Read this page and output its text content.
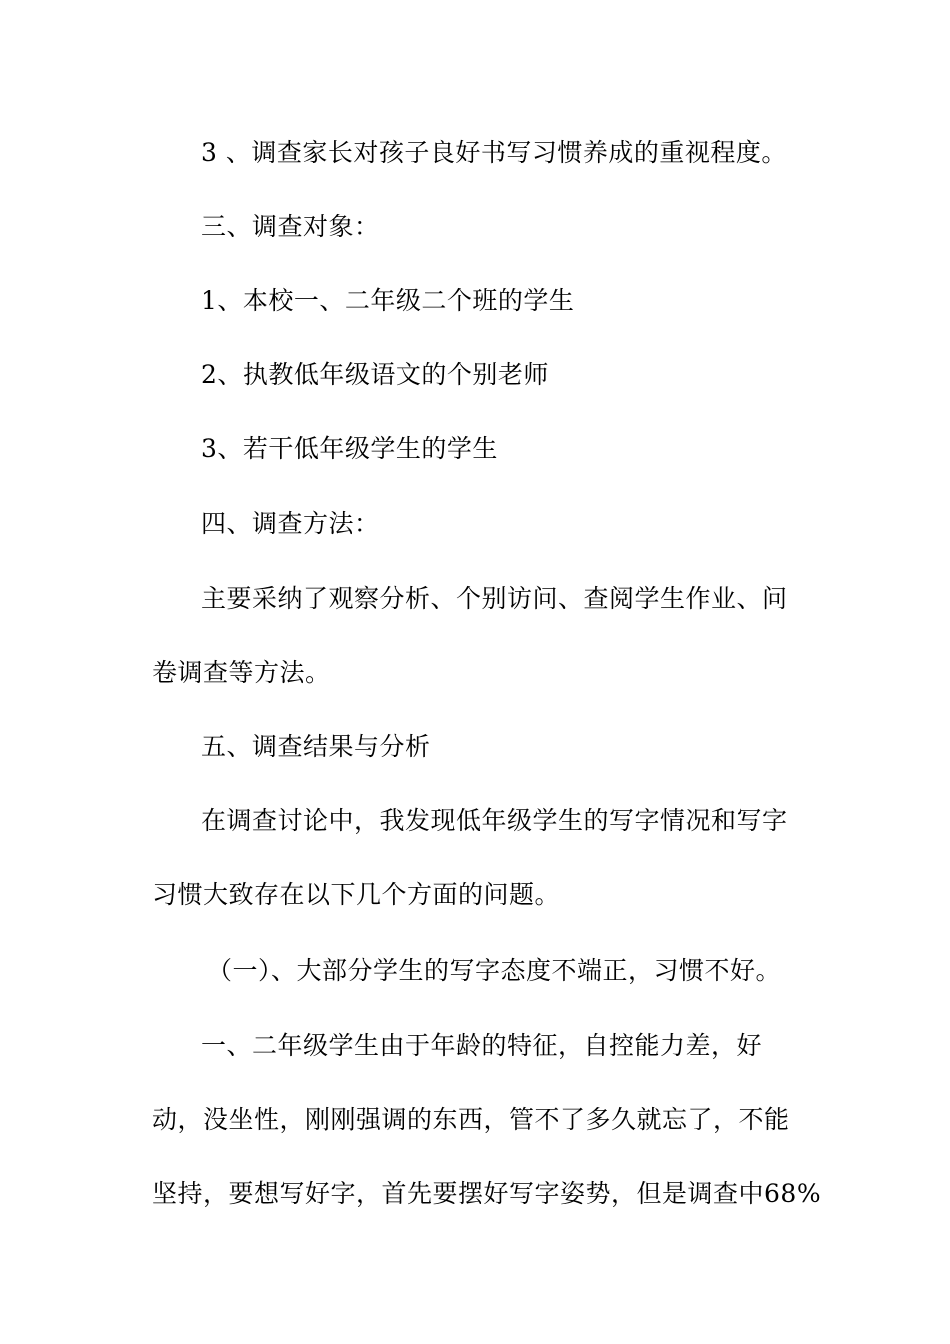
3 、调查家长对孩子良好书写习惯养成的重视程度。
三、调查对象：
1、本校一、二年级二个班的学生
2、执教低年级语文的个别老师
3、若干低年级学生的学生
四、调查方法：
主要采纳了观察分析、个别访问、查阅学生作业、问
卷调查等方法。
五、调查结果与分析
在调查讨论中，我发现低年级学生的写字情况和写字
习惯大致存在以下几个方面的问题。
（一）、大部分学生的写字态度不端正，习惯不好。
一、二年级学生由于年龄的特征，自控能力差，好
动，没坐性，刚刚强调的东西，管不了多久就忘了，不能
坚持，要想写好字，首先要摆好写字姿势，但是调查中68%
